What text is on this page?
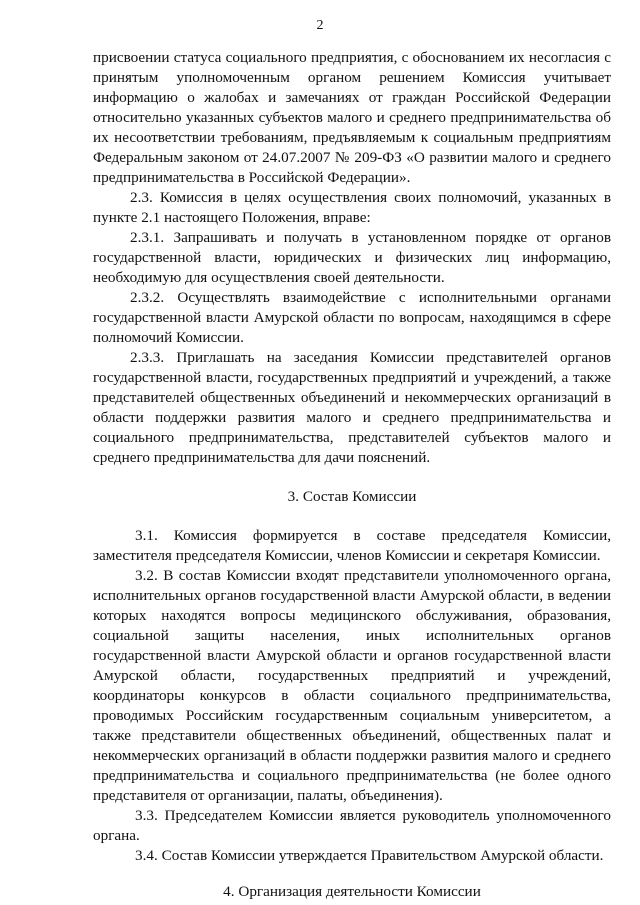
2

присвоении статуса социального предприятия, с обоснованием их несогласия с принятым уполномоченным органом решением Комиссия учитывает информацию о жалобах и замечаниях от граждан Российской Федерации относительно указанных субъектов малого и среднего предпринимательства об их несоответствии требованиям, предъявляемым к социальным предприятиям Федеральным законом от 24.07.2007 № 209-ФЗ «О развитии малого и среднего предпринимательства в Российской Федерации».

2.3. Комиссия в целях осуществления своих полномочий, указанных в пункте 2.1 настоящего Положения, вправе:

2.3.1. Запрашивать и получать в установленном порядке от органов государственной власти, юридических и физических лиц информацию, необходимую для осуществления своей деятельности.

2.3.2. Осуществлять взаимодействие с исполнительными органами государственной власти Амурской области по вопросам, находящимся в сфере полномочий Комиссии.

2.3.3. Приглашать на заседания Комиссии представителей органов государственной власти, государственных предприятий и учреждений, а также представителей общественных объединений и некоммерческих организаций в области поддержки развития малого и среднего предпринимательства и социального предпринимательства, представителей субъектов малого и среднего предпринимательства для дачи пояснений.

3. Состав Комиссии

3.1. Комиссия формируется в составе председателя Комиссии, заместителя председателя Комиссии, членов Комиссии и секретаря Комиссии.

3.2. В состав Комиссии входят представители уполномоченного органа, исполнительных органов государственной власти Амурской области, в ведении которых находятся вопросы медицинского обслуживания, образования, социальной защиты населения, иных исполнительных органов государственной власти Амурской области и органов государственной власти Амурской области, государственных предприятий и учреждений, координаторы конкурсов в области социального предпринимательства, проводимых Российским государственным социальным университетом, а также представители общественных объединений, общественных палат и некоммерческих организаций в области поддержки развития малого и среднего предпринимательства и социального предпринимательства (не более одного представителя от организации, палаты, объединения).

3.3. Председателем Комиссии является руководитель уполномоченного органа.

3.4. Состав Комиссии утверждается Правительством Амурской области.

4. Организация деятельности Комиссии
